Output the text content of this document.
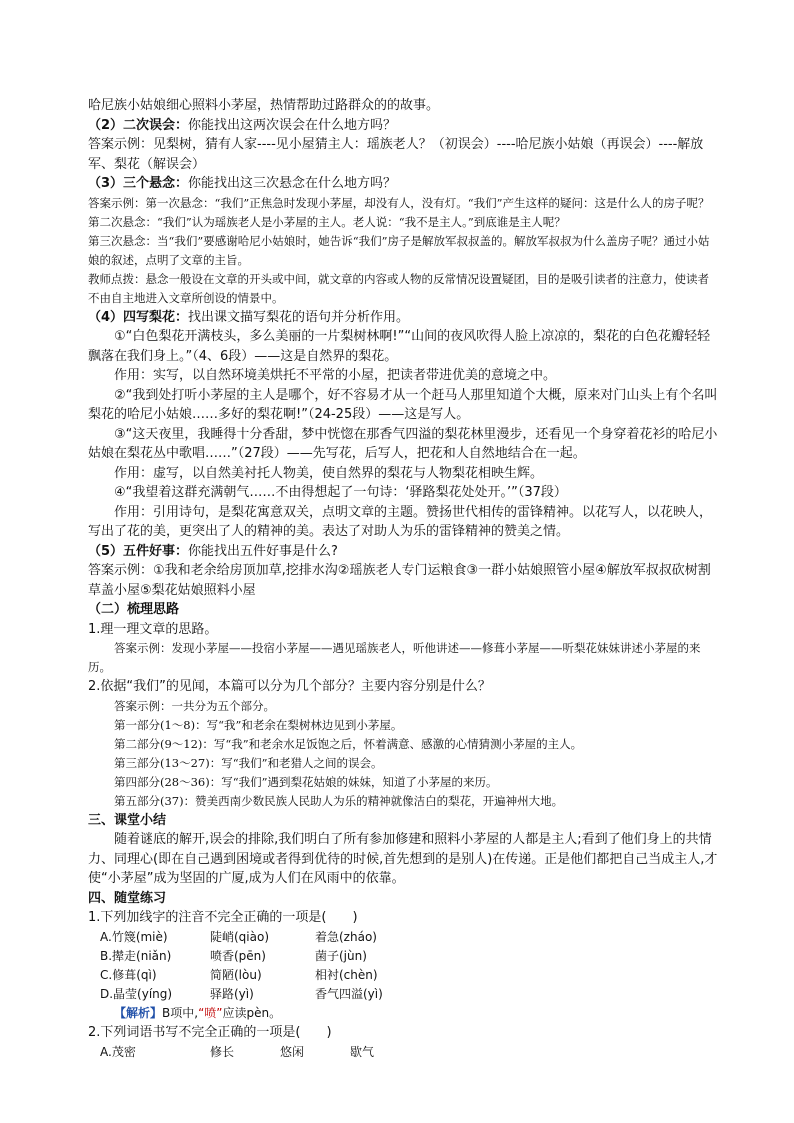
哈尼族小姑娘细心照料小茅屋，热情帮助过路群众的的故事。

（2）二次误会：你能找出这两次误会在什么地方吗？

答案示例：见梨树，猜有人家----见小屋猜主人：瑶族老人？（初误会）----哈尼族小姑娘（再误会）----解放军、梨花（解误会）

（3）三个悬念：你能找出这三次悬念在什么地方吗？

答案示例：第一次悬念：“我们”正焦急时发现小茅屋，却没有人，没有灯。“我们”产生这样的疑问：这是什么人的房子呢？

第二次悬念：“我们”认为瑶族老人是小茅屋的主人。老人说：“我不是主人。”到底谁是主人呢？

第三次悬念：当“我们”要感谢哈尼小姑娘时，她告诉“我们”房子是解放军叔叔盖的。解放军叔叔为什么盖房子呢？通过小姑娘的叙述，点明了文章的主旨。

教师点拨：悬念一般设在文章的开头或中间，就文章的内容或人物的反常情况设置疑团，目的是吸引读者的注意力，使读者不由自主地进入文章所创设的情景中。

（4）四写梨花：找出课文描写梨花的语句并分析作用。

①“白色梨花开满枝头，多么美丽的一片梨树林啊!”“山间的夜风吹得人脸上凉凉的，梨花的白色花瓣轻轻飘落在我们身上。”（4、6段）——这是自然界的梨花。

作用：实写，以自然环境美烘托不平常的小屋，把读者带进优美的意境之中。

②“我到处打听小茅屋的主人是哪个，好不容易才从一个赶马人那里知道个大概，原来对门山头上有个名叫梨花的哈尼小姑娘……多好的梨花啊!”（24-25段）——这是写人。

③“这天夜里，我睡得十分香甜，梦中恍惚在那香气四溢的梨花林里漫步，还看见一个身穿着花衫的哈尼小姑娘在梨花丛中歌唱……”（27段）——先写花，后写人，把花和人自然地结合在一起。

作用：虚写，以自然美衬托人物美，使自然界的梨花与人物梨花相映生辉。

④“我望着这群充满朝气……不由得想起了一句诗：‘驿路梨花处处开。’”（37段）

作用：引用诗句，是梨花寓意双关，点明文章的主题。赞扬世代相传的雷锋精神。以花写人，以花映人，写出了花的美，更突出了人的精神的美。表达了对助人为乐的雷锋精神的赞美之情。

（5）五件好事：你能找出五件好事是什么?

答案示例：①我和老余给房顶加草,挖排水沟②瑶族老人专门运粮食③一群小姑娘照管小屋④解放军叔叔砍树割草盖小屋⑤梨花姑娘照料小屋

（二）梳理思路

1.理一理文章的思路。

答案示例：发现小茅屋——投宿小茅屋——遇见瑶族老人，听他讲述——修葺小茅屋——听梨花妹妹讲述小茅屋的来历。

2.依据“我们”的见闻，本篇可以分为几个部分？主要内容分别是什么？

答案示例：一共分为五个部分。

第一部分(1～8)：写“我”和老余在梨树林边见到小茅屋。

第二部分(9～12)：写“我”和老余水足饭饱之后，怀着满意、感激的心情猜测小茅屋的主人。

第三部分(13～27)：写“我们”和老猎人之间的误会。

第四部分(28～36)：写“我们”遇到梨花姑娘的妹妹，知道了小茅屋的来历。

第五部分(37)：赞美西南少数民族人民助人为乐的精神就像洁白的梨花，开遍神州大地。

三、课堂小结

随着谜底的解开,误会的排除,我们明白了所有参加修建和照料小茅屋的人都是主人;看到了他们身上的共情力、同理心(即在自己遇到困境或者得到优待的时候,首先想到的是别人)在传递。正是他们都把自己当成主人,才使“小茅屋”成为坚固的广厦,成为人们在风雨中的依靠。

四、随堂练习

1.下列加线字的注音不完全正确的一项是(　　)

A.竹篾(miè)	陡峭(qiào)	着急(zháo)
B.撵走(niǎn)	喷香(pēn)	菌子(jùn)
C.修葺(qì)	简陋(lòu)	相衬(chèn)
D.晶莹(yíng)	驿路(yì)	香气四溢(yì)

【解析】B项中,“喷”应读pèn。

2.下列词语书写不完全正确的一项是(　　)

A.茂密	修长	悠闲	歇气
